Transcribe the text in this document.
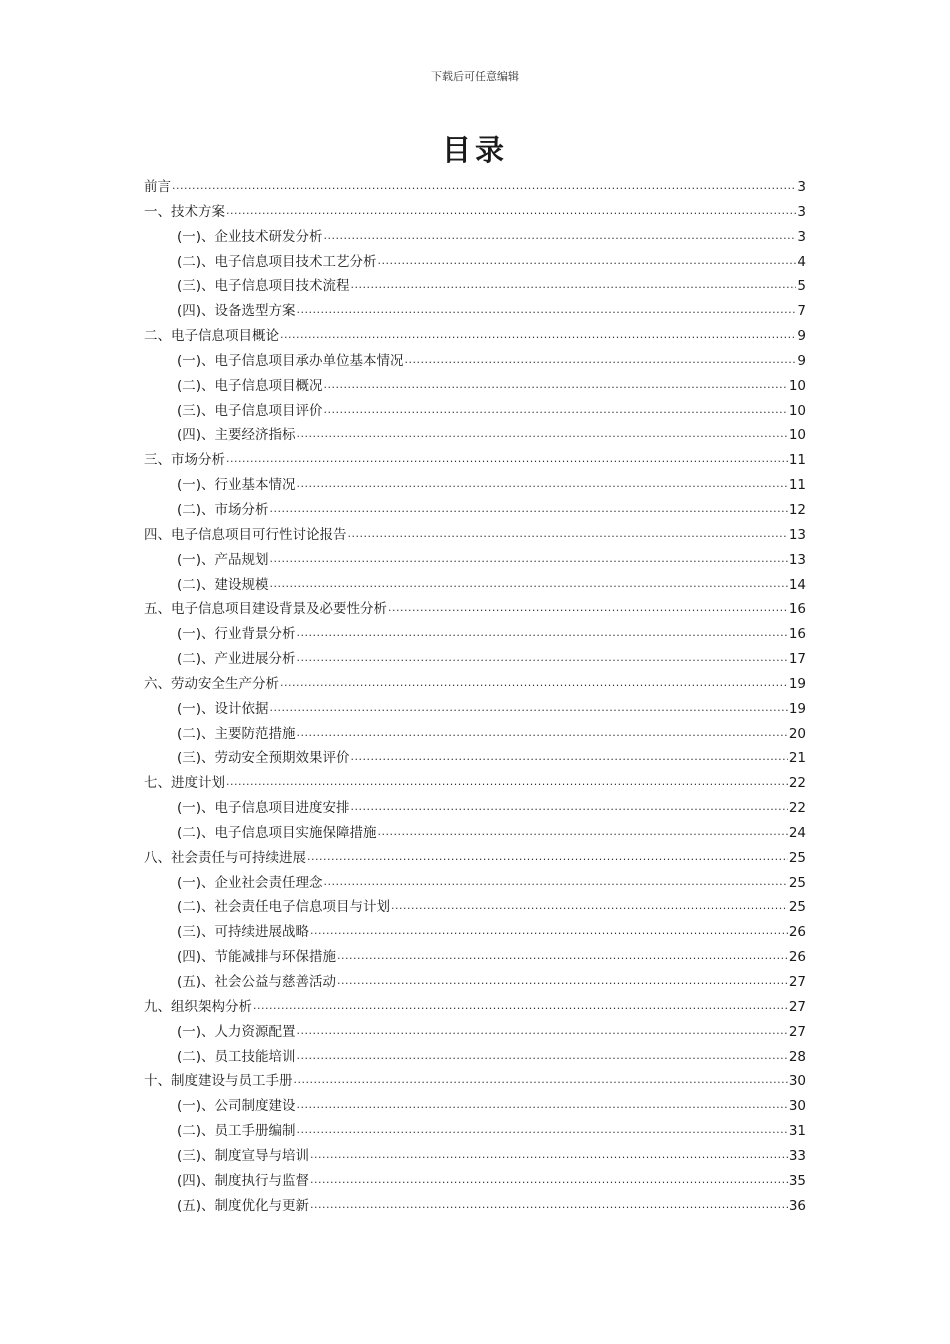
下载后可任意编辑
目录
前言 .....	3
一、技术方案 .....	3
(一)、企业技术研发分析 .....	3
(二)、电子信息项目技术工艺分析 .....	4
(三)、电子信息项目技术流程 .....	5
(四)、设备选型方案 .....	7
二、电子信息项目概论 .....	9
(一)、电子信息项目承办单位基本情况 .....	9
(二)、电子信息项目概况 .....	10
(三)、电子信息项目评价 .....	10
(四)、主要经济指标 .....	10
三、市场分析 .....	11
(一)、行业基本情况 .....	11
(二)、市场分析 .....	12
四、电子信息项目可行性讨论报告 .....	13
(一)、产品规划 .....	13
(二)、建设规模 .....	14
五、电子信息项目建设背景及必要性分析 .....	16
(一)、行业背景分析 .....	16
(二)、产业进展分析 .....	17
六、劳动安全生产分析 .....	19
(一)、设计依据 .....	19
(二)、主要防范措施 .....	20
(三)、劳动安全预期效果评价 .....	21
七、进度计划 .....	22
(一)、电子信息项目进度安排 .....	22
(二)、电子信息项目实施保障措施 .....	24
八、社会责任与可持续进展 .....	25
(一)、企业社会责任理念 .....	25
(二)、社会责任电子信息项目与计划 .....	25
(三)、可持续进展战略 .....	26
(四)、节能减排与环保措施 .....	26
(五)、社会公益与慈善活动 .....	27
九、组织架构分析 .....	27
(一)、人力资源配置 .....	27
(二)、员工技能培训 .....	28
十、制度建设与员工手册 .....	30
(一)、公司制度建设 .....	30
(二)、员工手册编制 .....	31
(三)、制度宣导与培训 .....	33
(四)、制度执行与监督 .....	35
(五)、制度优化与更新 .....	36
